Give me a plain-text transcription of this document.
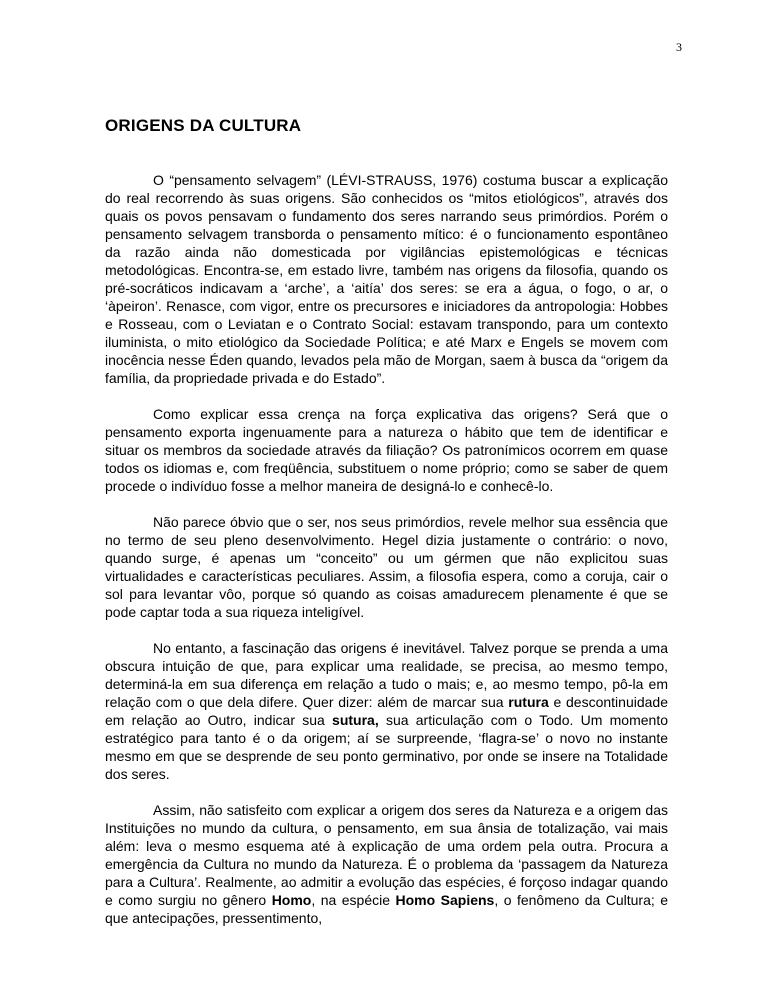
3
ORIGENS DA CULTURA

O “pensamento selvagem” (LÉVI-STRAUSS, 1976) costuma buscar a explicação do real recorrendo às suas origens. São conhecidos os “mitos etiológicos”, através dos quais os povos pensavam o fundamento dos seres narrando seus primórdios. Porém o pensamento selvagem transborda o pensamento mítico: é o funcionamento espontâneo da razão ainda não domesticada por vigilâncias epistemológicas e técnicas metodológicas. Encontra-se, em estado livre, também nas origens da filosofia, quando os pré-socráticos indicavam a ‘arche’, a ‘aitía’ dos seres: se era a água, o fogo, o ar, o ‘àpeiron’. Renasce, com vigor, entre os precursores e iniciadores da antropologia: Hobbes e Rosseau, com o Leviatan e o Contrato Social: estavam transpondo, para um contexto iluminista, o mito etiológico da Sociedade Política; e até Marx e Engels se movem com inocência nesse Éden quando, levados pela mão de Morgan, saem à busca da “origem da família, da propriedade privada e do Estado”.

Como explicar essa crença na força explicativa das origens? Será que o pensamento exporta ingenuamente para a natureza o hábito que tem de identificar e situar os membros da sociedade através da filiação? Os patronímicos ocorrem em quase todos os idiomas e, com freqüência, substituem o nome próprio; como se saber de quem procede o indivíduo fosse a melhor maneira de designá-lo e conhecê-lo.

Não parece óbvio que o ser, nos seus primórdios, revele melhor sua essência que no termo de seu pleno desenvolvimento. Hegel dizia justamente o contrário: o novo, quando surge, é apenas um “conceito” ou um gérmen que não explicitou suas virtualidades e características peculiares. Assim, a filosofia espera, como a coruja, cair o sol para levantar vôo, porque só quando as coisas amadurecem plenamente é que se pode captar toda a sua riqueza inteligível.

No entanto, a fascinação das origens é inevitável. Talvez porque se prenda a uma obscura intuição de que, para explicar uma realidade, se precisa, ao mesmo tempo, determiná-la em sua diferença em relação a tudo o mais; e, ao mesmo tempo, pô-la em relação com o que dela difere. Quer dizer: além de marcar sua rutura e descontinuidade em relação ao Outro, indicar sua sutura, sua articulação com o Todo. Um momento estratégico para tanto é o da origem; aí se surpreende, ‘flagra-se’ o novo no instante mesmo em que se desprende de seu ponto germinativo, por onde se insere na Totalidade dos seres.

Assim, não satisfeito com explicar a origem dos seres da Natureza e a origem das Instituições no mundo da cultura, o pensamento, em sua ânsia de totalização, vai mais além: leva o mesmo esquema até à explicação de uma ordem pela outra. Procura a emergência da Cultura no mundo da Natureza. É o problema da ‘passagem da Natureza para a Cultura’. Realmente, ao admitir a evolução das espécies, é forçoso indagar quando e como surgiu no gênero Homo, na espécie Homo Sapiens, o fenômeno da Cultura; e que antecipações, pressentimento,
